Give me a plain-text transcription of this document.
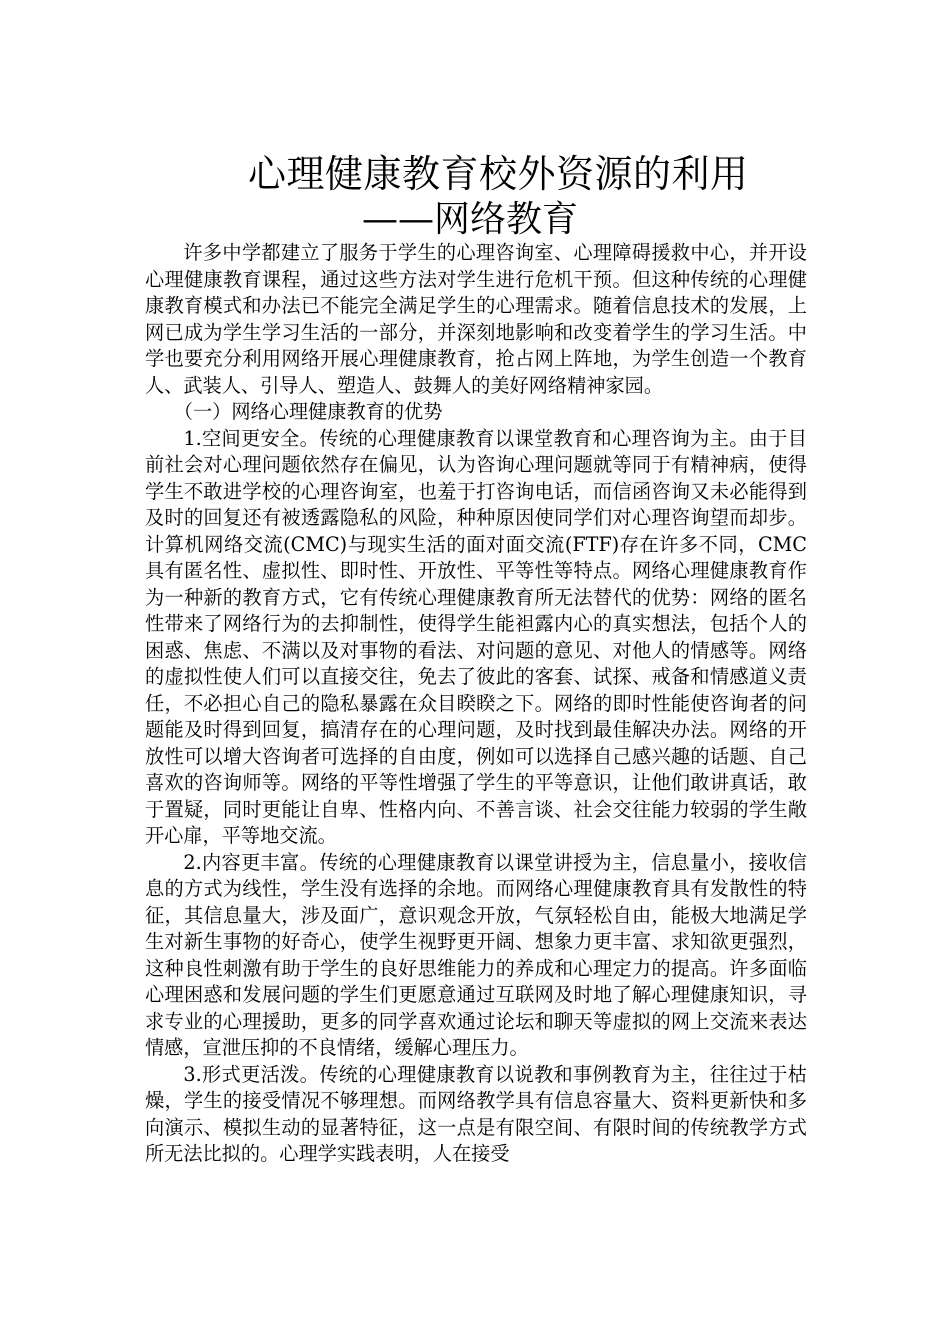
心理健康教育校外资源的利用
——网络教育

许多中学都建立了服务于学生的心理咨询室、心理障碍援救中心，并开设心理健康教育课程，通过这些方法对学生进行危机干预。但这种传统的心理健康教育模式和办法已不能完全满足学生的心理需求。随着信息技术的发展，上网已成为学生学习生活的一部分，并深刻地影响和改变着学生的学习生活。中学也要充分利用网络开展心理健康教育，抢占网上阵地，为学生创造一个教育人、武装人、引导人、塑造人、鼓舞人的美好网络精神家园。

（一）网络心理健康教育的优势

1.空间更安全。传统的心理健康教育以课堂教育和心理咨询为主。由于目前社会对心理问题依然存在偏见，认为咨询心理问题就等同于有精神病，使得学生不敢进学校的心理咨询室，也羞于打咨询电话，而信函咨询又未必能得到及时的回复还有被透露隐私的风险，种种原因使同学们对心理咨询望而却步。计算机网络交流(CMC)与现实生活的面对面交流(FTF)存在许多不同，CMC具有匿名性、虚拟性、即时性、开放性、平等性等特点。网络心理健康教育作为一种新的教育方式，它有传统心理健康教育所无法替代的优势：网络的匿名性带来了网络行为的去抑制性，使得学生能袒露内心的真实想法，包括个人的困惑、焦虑、不满以及对事物的看法、对问题的意见、对他人的情感等。网络的虚拟性使人们可以直接交往，免去了彼此的客套、试探、戒备和情感道义责任，不必担心自己的隐私暴露在众目睽睽之下。网络的即时性能使咨询者的问题能及时得到回复，搞清存在的心理问题，及时找到最佳解决办法。网络的开放性可以增大咨询者可选择的自由度，例如可以选择自己感兴趣的话题、自己喜欢的咨询师等。网络的平等性增强了学生的平等意识，让他们敢讲真话，敢于置疑，同时更能让自卑、性格内向、不善言谈、社会交往能力较弱的学生敞开心扉，平等地交流。

2.内容更丰富。传统的心理健康教育以课堂讲授为主，信息量小，接收信息的方式为线性，学生没有选择的余地。而网络心理健康教育具有发散性的特征，其信息量大，涉及面广，意识观念开放，气氛轻松自由，能极大地满足学生对新生事物的好奇心，使学生视野更开阔、想象力更丰富、求知欲更强烈，这种良性刺激有助于学生的良好思维能力的养成和心理定力的提高。许多面临心理困惑和发展问题的学生们更愿意通过互联网及时地了解心理健康知识，寻求专业的心理援助，更多的同学喜欢通过论坛和聊天等虚拟的网上交流来表达情感，宣泄压抑的不良情绪，缓解心理压力。

3.形式更活泼。传统的心理健康教育以说教和事例教育为主，往往过于枯燥，学生的接受情况不够理想。而网络教学具有信息容量大、资料更新快和多向演示、模拟生动的显著特征，这一点是有限空间、有限时间的传统教学方式所无法比拟的。心理学实践表明，人在接受
